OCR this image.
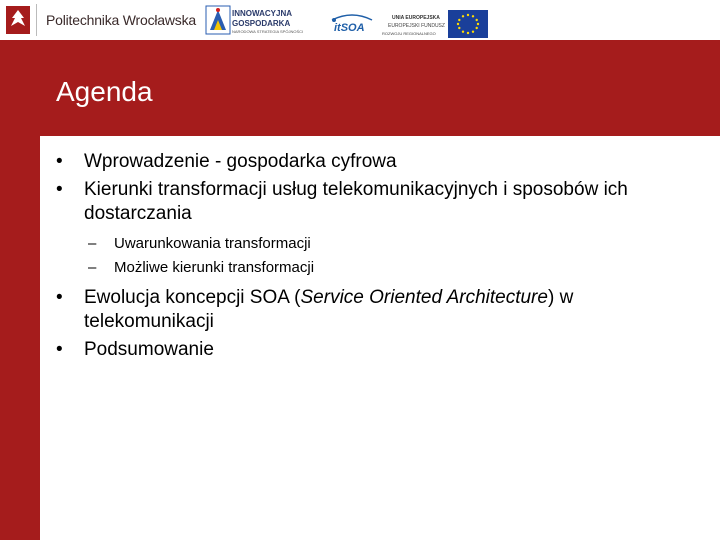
Politechnika Wrocławska	INNOWACYJNA
GOSPODARKA
NARODOWA STRATEGIA SPÓJNOŚCI	itSOA
UNIA EUROPEJSKA
EUROPEJSKI FUNDUSZ
ROZWOJU REGIONALNEGO
Agenda
• Wprowadzenie - gospodarka cyfrowa
• Kierunki transformacji usług telekomunikacyjnych i sposobów ich dostarczania
– Uwarunkowania transformacji
– Możliwe kierunki transformacji
• Ewolucja koncepcji SOA (Service Oriented Architecture) w telekomunikacji
• Podsumowanie
